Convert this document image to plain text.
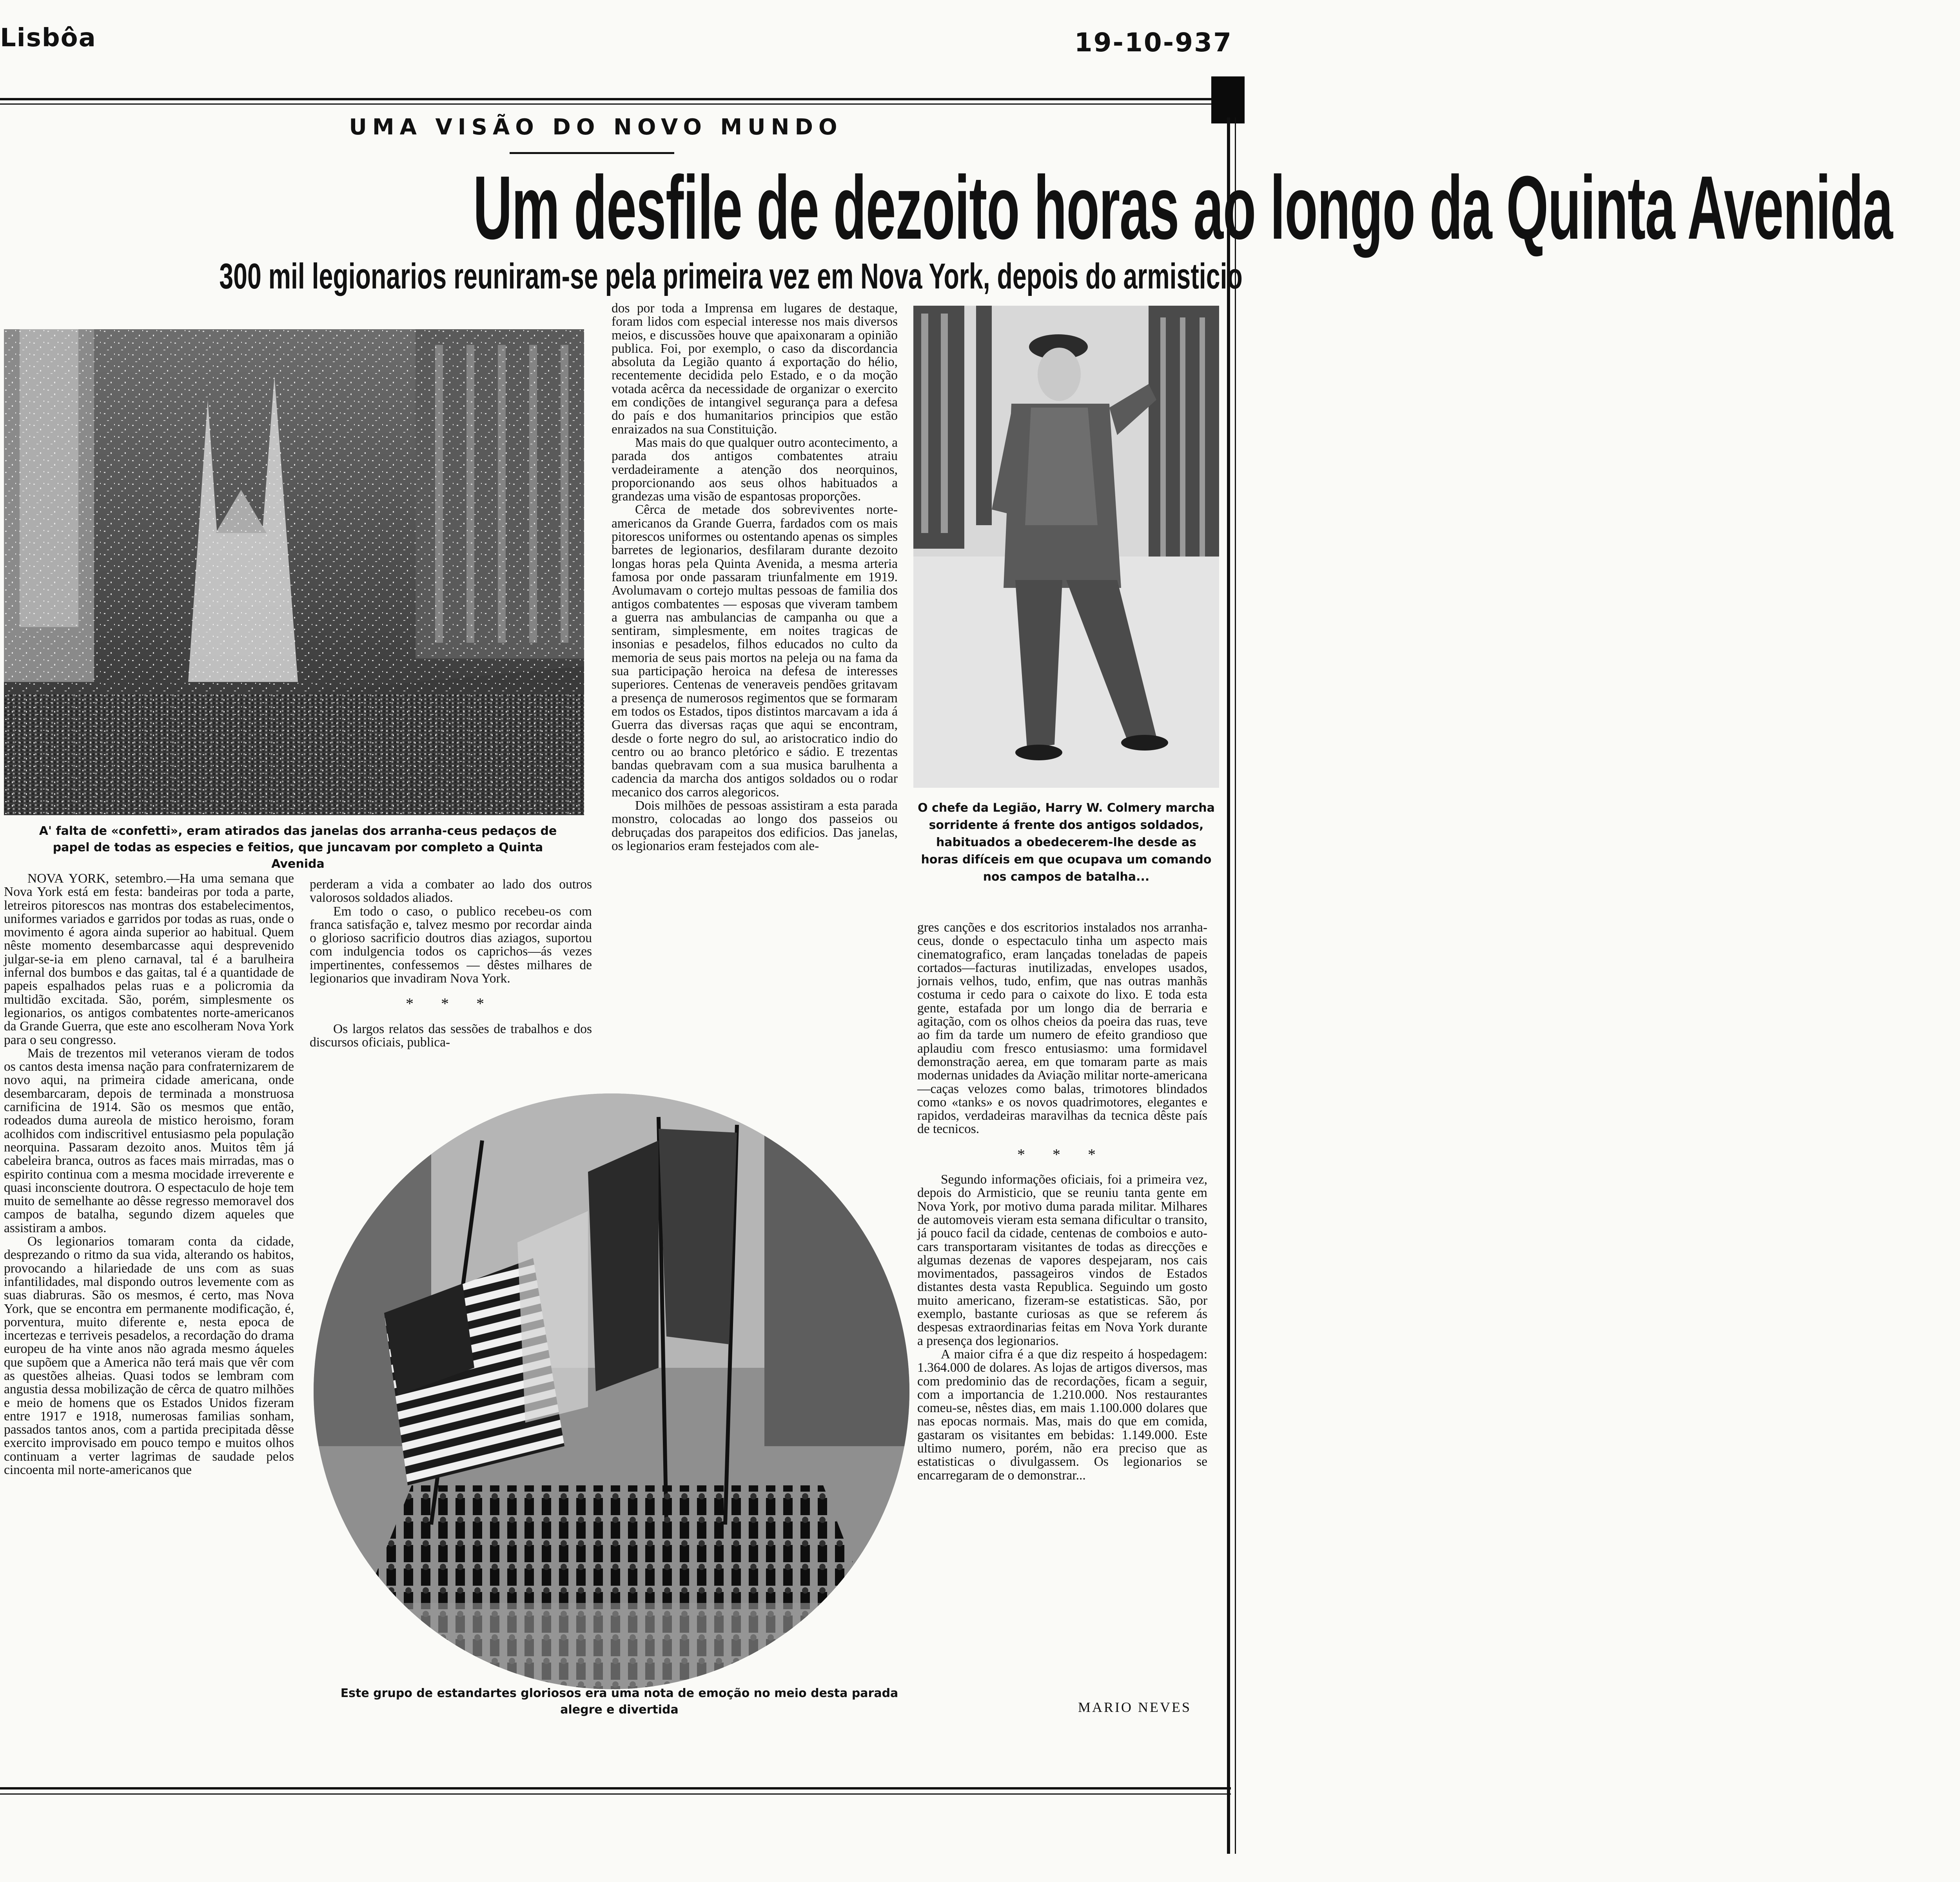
Lisbôa	19-10-937
UMA VISÃO DO NOVO MUNDO
Um desfile de dezoito horas ao longo da Quinta Avenida
300 mil legionarios reuniram-se pela primeira vez em Nova York, depois do armisticio
A' falta de «confetti», eram atirados das janelas dos arranha-ceus pedaços de papel de todas as especies e feitios, que juncavam por completo a Quinta Avenida
O chefe da Legião, Harry W. Colmery marcha sorridente á frente dos antigos soldados, habituados a obedecerem-lhe desde as horas difíceis em que ocupava um comando nos campos de batalha...
Este grupo de estandartes gloriosos era uma nota de emoção no meio desta parada alegre e divertida

NOVA YORK, setembro.—Ha uma semana que Nova York está em festa: bandeiras por toda a parte, letreiros pitorescos nas montras dos estabelecimentos, uniformes variados e garridos por todas as ruas, onde o movimento é agora ainda superior ao habitual. Quem nêste momento desembarcasse aqui desprevenido julgar-se-ia em pleno carnaval, tal é a barulheira infernal dos bumbos e das gaitas, tal é a quantidade de papeis espalhados pelas ruas e a policromia da multidão excitada. São, porém, simplesmente os legionarios, os antigos combatentes norte-americanos da Grande Guerra, que este ano escolheram Nova York para o seu congresso.

Mais de trezentos mil veteranos vieram de todos os cantos desta imensa nação para confraternizarem de novo aqui, na primeira cidade americana, onde desembarcaram, depois de terminada a monstruosa carnificina de 1914. São os mesmos que então, rodeados duma aureola de mistico heroismo, foram acolhidos com indiscritivel entusiasmo pela população neorquina. Passaram dezoito anos. Muitos têm já cabeleira branca, outros as faces mais mirradas, mas o espirito continua com a mesma mocidade irreverente e quasi inconsciente doutrora. O espectaculo de hoje tem muito de semelhante ao dêsse regresso memoravel dos campos de batalha, segundo dizem aqueles que assistiram a ambos.

Os legionarios tomaram conta da cidade, desprezando o ritmo da sua vida, alterando os habitos, provocando a hilariedade de uns com as suas infantilidades, mal dispondo outros levemente com as suas diabruras. São os mesmos, é certo, mas Nova York, que se encontra em permanente modificação, é, porventura, muito diferente e, nesta epoca de incertezas e terriveis pesadelos, a recordação do drama europeu de ha vinte anos não agrada mesmo áqueles que supõem que a America não terá mais que vêr com as questões alheias. Quasi todos se lembram com angustia dessa mobilização de cêrca de quatro milhões e meio de homens que os Estados Unidos fizeram entre 1917 e 1918, numerosas familias sonham, passados tantos anos, com a partida precipitada dêsse exercito improvisado em pouco tempo e muitos olhos continuam a verter lagrimas de saudade pelos cincoenta mil norte-americanos que

perderam a vida a combater ao lado dos outros valorosos soldados aliados.

Em todo o caso, o publico recebeu-os com franca satisfação e, talvez mesmo por recordar ainda o glorioso sacrificio doutros dias aziagos, suportou com indulgencia todos os caprichos—ás vezes impertinentes, confessemos — dêstes milhares de legionarios que invadiram Nova York.

* * *

Os largos relatos das sessões de trabalhos e dos discursos oficiais, publica-

dos por toda a Imprensa em lugares de destaque, foram lidos com especial interesse nos mais diversos meios, e discussões houve que apaixonaram a opinião publica. Foi, por exemplo, o caso da discordancia absoluta da Legião quanto á exportação do hélio, recentemente decidida pelo Estado, e o da moção votada acêrca da necessidade de organizar o exercito em condições de intangivel segurança para a defesa do país e dos humanitarios principios que estão enraizados na sua Constituição.

Mas mais do que qualquer outro acontecimento, a parada dos antigos combatentes atraiu verdadeiramente a atenção dos neorquinos, proporcionando aos seus olhos habituados a grandezas uma visão de espantosas proporções.

Cêrca de metade dos sobreviventes norte-americanos da Grande Guerra, fardados com os mais pitorescos uniformes ou ostentando apenas os simples barretes de legionarios, desfilaram durante dezoito longas horas pela Quinta Avenida, a mesma arteria famosa por onde passaram triunfalmente em 1919. Avolumavam o cortejo multas pessoas de familia dos antigos combatentes — esposas que viveram tambem a guerra nas ambulancias de campanha ou que a sentiram, simplesmente, em noites tragicas de insonias e pesadelos, filhos educados no culto da memoria de seus pais mortos na peleja ou na fama da sua participação heroica na defesa de interesses superiores. Centenas de veneraveis pendões gritavam a presença de numerosos regimentos que se formaram em todos os Estados, tipos distintos marcavam a ida á Guerra das diversas raças que aqui se encontram, desde o forte negro do sul, ao aristocratico indio do centro ou ao branco pletórico e sádio. E trezentas bandas quebravam com a sua musica barulhenta a cadencia da marcha dos antigos soldados ou o rodar mecanico dos carros alegoricos.

Dois milhões de pessoas assistiram a esta parada monstro, colocadas ao longo dos passeios ou debruçadas dos parapeitos dos edificios. Das janelas, os legionarios eram festejados com ale-

gres canções e dos escritorios instalados nos arranha-ceus, donde o espectaculo tinha um aspecto mais cinematografico, eram lançadas toneladas de papeis cortados—facturas inutilizadas, envelopes usados, jornais velhos, tudo, enfim, que nas outras manhãs costuma ir cedo para o caixote do lixo. E toda esta gente, estafada por um longo dia de berraria e agitação, com os olhos cheios da poeira das ruas, teve ao fim da tarde um numero de efeito grandioso que aplaudiu com fresco entusiasmo: uma formidavel demonstração aerea, em que tomaram parte as mais modernas unidades da Aviação militar norte-americana—caças velozes como balas, trimotores blindados como «tanks» e os novos quadrimotores, elegantes e rapidos, verdadeiras maravilhas da tecnica dêste país de tecnicos.

* * *

Segundo informações oficiais, foi a primeira vez, depois do Armisticio, que se reuniu tanta gente em Nova York, por motivo duma parada militar. Milhares de automoveis vieram esta semana dificultar o transito, já pouco facil da cidade, centenas de comboios e auto-cars transportaram visitantes de todas as direcções e algumas dezenas de vapores despejaram, nos cais movimentados, passageiros vindos de Estados distantes desta vasta Republica. Seguindo um gosto muito americano, fizeram-se estatisticas. São, por exemplo, bastante curiosas as que se referem ás despesas extraordinarias feitas em Nova York durante a presença dos legionarios.

A maior cifra é a que diz respeito á hospedagem: 1.364.000 de dolares. As lojas de artigos diversos, mas com predominio das de recordações, ficam a seguir, com a importancia de 1.210.000. Nos restaurantes comeu-se, nêstes dias, em mais 1.100.000 dolares que nas epocas normais. Mas, mais do que em comida, gastaram os visitantes em bebidas: 1.149.000. Este ultimo numero, porém, não era preciso que as estatisticas o divulgassem. Os legionarios se encarregaram de o demonstrar...

MARIO NEVES
